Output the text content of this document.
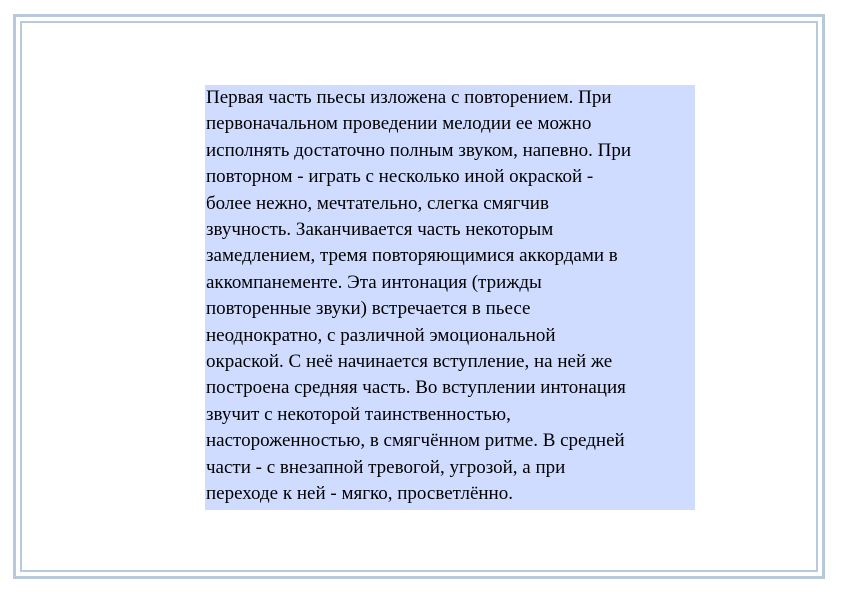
Первая часть пьесы изложена с повторением. При

первоначальном проведении мелодии ее можно

исполнять достаточно полным звуком, напевно. При

повторном - играть с несколько иной окраской -

более нежно, мечтательно, слегка смягчив

звучность. Заканчивается часть некоторым

замедлением, тремя повторяющимися аккордами в

аккомпанементе. Эта интонация (трижды

повторенные звуки) встречается в пьесе

неоднократно, с различной эмоциональной

окраской. С неё начинается вступление, на ней же

построена средняя часть. Во вступлении интонация

звучит с некоторой таинственностью,

настороженностью, в смягчённом ритме. В средней

части - с внезапной тревогой, угрозой, а при

переходе к ней - мягко, просветлённо.
